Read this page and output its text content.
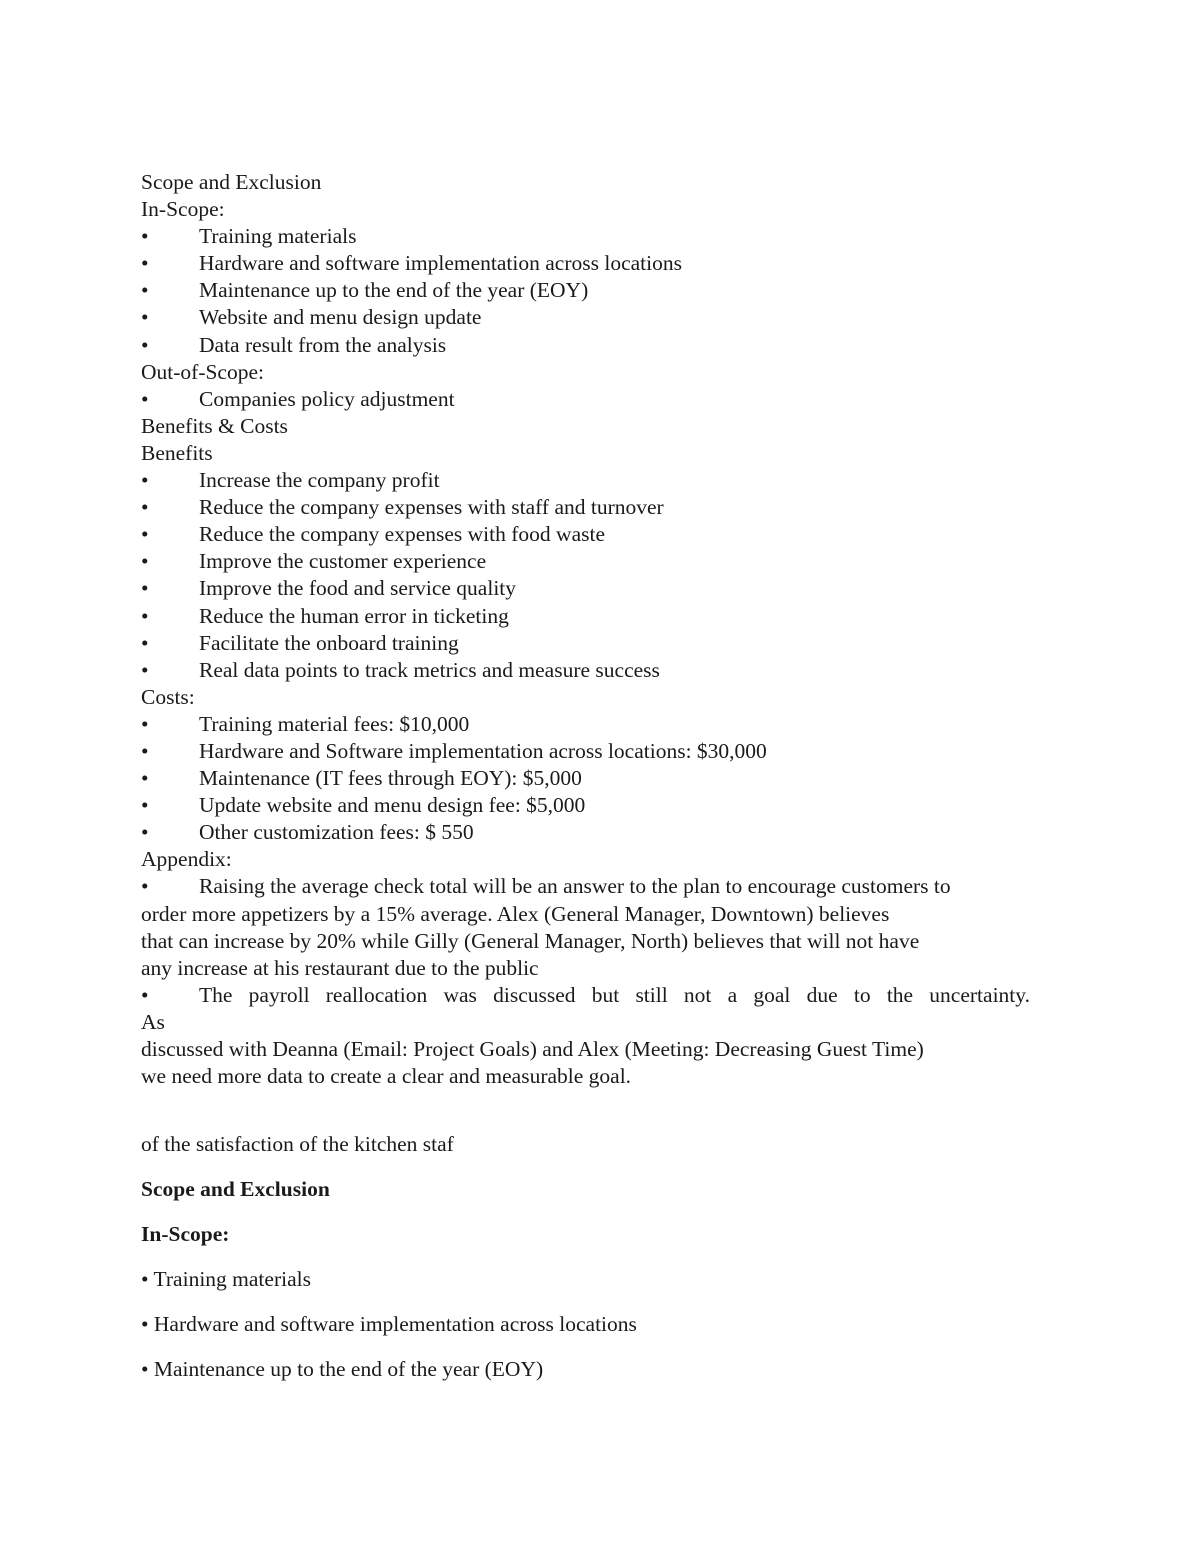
Scope and Exclusion
In-Scope:
• Training materials
• Hardware and software implementation across locations
• Maintenance up to the end of the year (EOY)
• Website and menu design update
• Data result from the analysis
Out-of-Scope:
• Companies policy adjustment
Benefits & Costs
Benefits
• Increase the company profit
• Reduce the company expenses with staff and turnover
• Reduce the company expenses with food waste
• Improve the customer experience
• Improve the food and service quality
• Reduce the human error in ticketing
• Facilitate the onboard training
• Real data points to track metrics and measure success
Costs:
• Training material fees: $10,000
• Hardware and Software implementation across locations: $30,000
• Maintenance (IT fees through EOY): $5,000
• Update website and menu design fee: $5,000
• Other customization fees: $ 550
Appendix:
• Raising the average check total will be an answer to the plan to encourage customers to
order more appetizers by a 15% average. Alex (General Manager, Downtown) believes
that can increase by 20% while Gilly (General Manager, North) believes that will not have
any increase at his restaurant due to the public
• The payroll reallocation was discussed but still not a goal due to the uncertainty.
As
discussed with Deanna (Email: Project Goals) and Alex (Meeting: Decreasing Guest Time)
we need more data to create a clear and measurable goal.
of the satisfaction of the kitchen staf
Scope and Exclusion
In-Scope:
• Training materials
• Hardware and software implementation across locations
• Maintenance up to the end of the year (EOY)
